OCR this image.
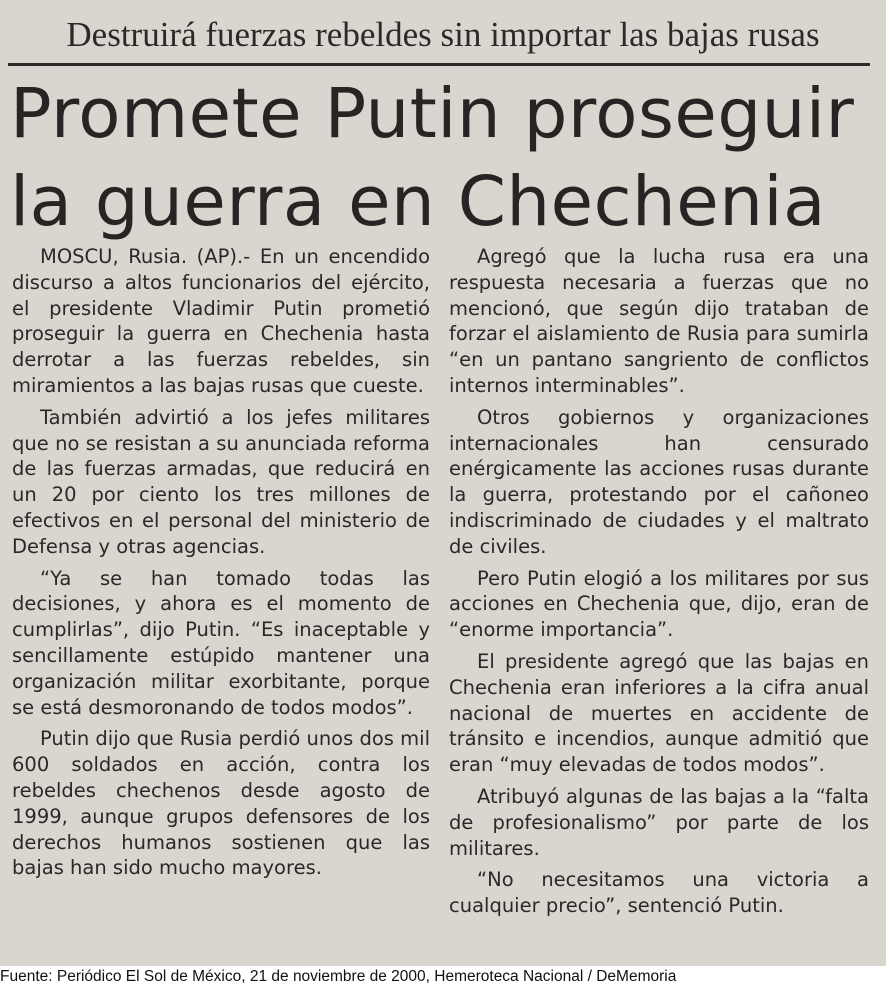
Destruirá fuerzas rebeldes sin importar las bajas rusas
Promete Putin proseguir
la guerra en Chechenia

MOSCU, Rusia. (AP).- En un encendido discurso a altos funcionarios del ejército, el presidente Vladimir Putin prometió proseguir la guerra en Chechenia hasta derrotar a las fuerzas rebeldes, sin miramientos a las bajas rusas que cueste.

También advirtió a los jefes militares que no se resistan a su anunciada reforma de las fuerzas armadas, que reducirá en un 20 por ciento los tres millones de efectivos en el personal del ministerio de Defensa y otras agencias.

“Ya se han tomado todas las decisiones, y ahora es el momento de cumplirlas”, dijo Putin. “Es inaceptable y sencillamente estúpido mantener una organización militar exorbitante, porque se está desmoronando de todos modos”.

Putin dijo que Rusia perdió unos dos mil 600 soldados en acción, contra los rebeldes chechenos desde agosto de 1999, aunque grupos defensores de los derechos humanos sostienen que las bajas han sido mucho mayores.

Agregó que la lucha rusa era una respuesta necesaria a fuerzas que no mencionó, que según dijo trataban de forzar el aislamiento de Rusia para sumirla “en un pantano sangriento de conflictos internos interminables”.

Otros gobiernos y organizaciones internacionales han censurado enérgicamente las acciones rusas durante la guerra, protestando por el cañoneo indiscriminado de ciudades y el maltrato de civiles.

Pero Putin elogió a los militares por sus acciones en Chechenia que, dijo, eran de “enorme importancia”.

El presidente agregó que las bajas en Chechenia eran inferiores a la cifra anual nacional de muertes en accidente de tránsito e incendios, aunque admitió que eran “muy elevadas de todos modos”.

Atribuyó algunas de las bajas a la “falta de profesionalismo” por parte de los militares.

“No necesitamos una victoria a cualquier precio”, sentenció Putin.

Fuente: Periódico El Sol de México, 21 de noviembre de 2000, Hemeroteca Nacional / DeMemoria
